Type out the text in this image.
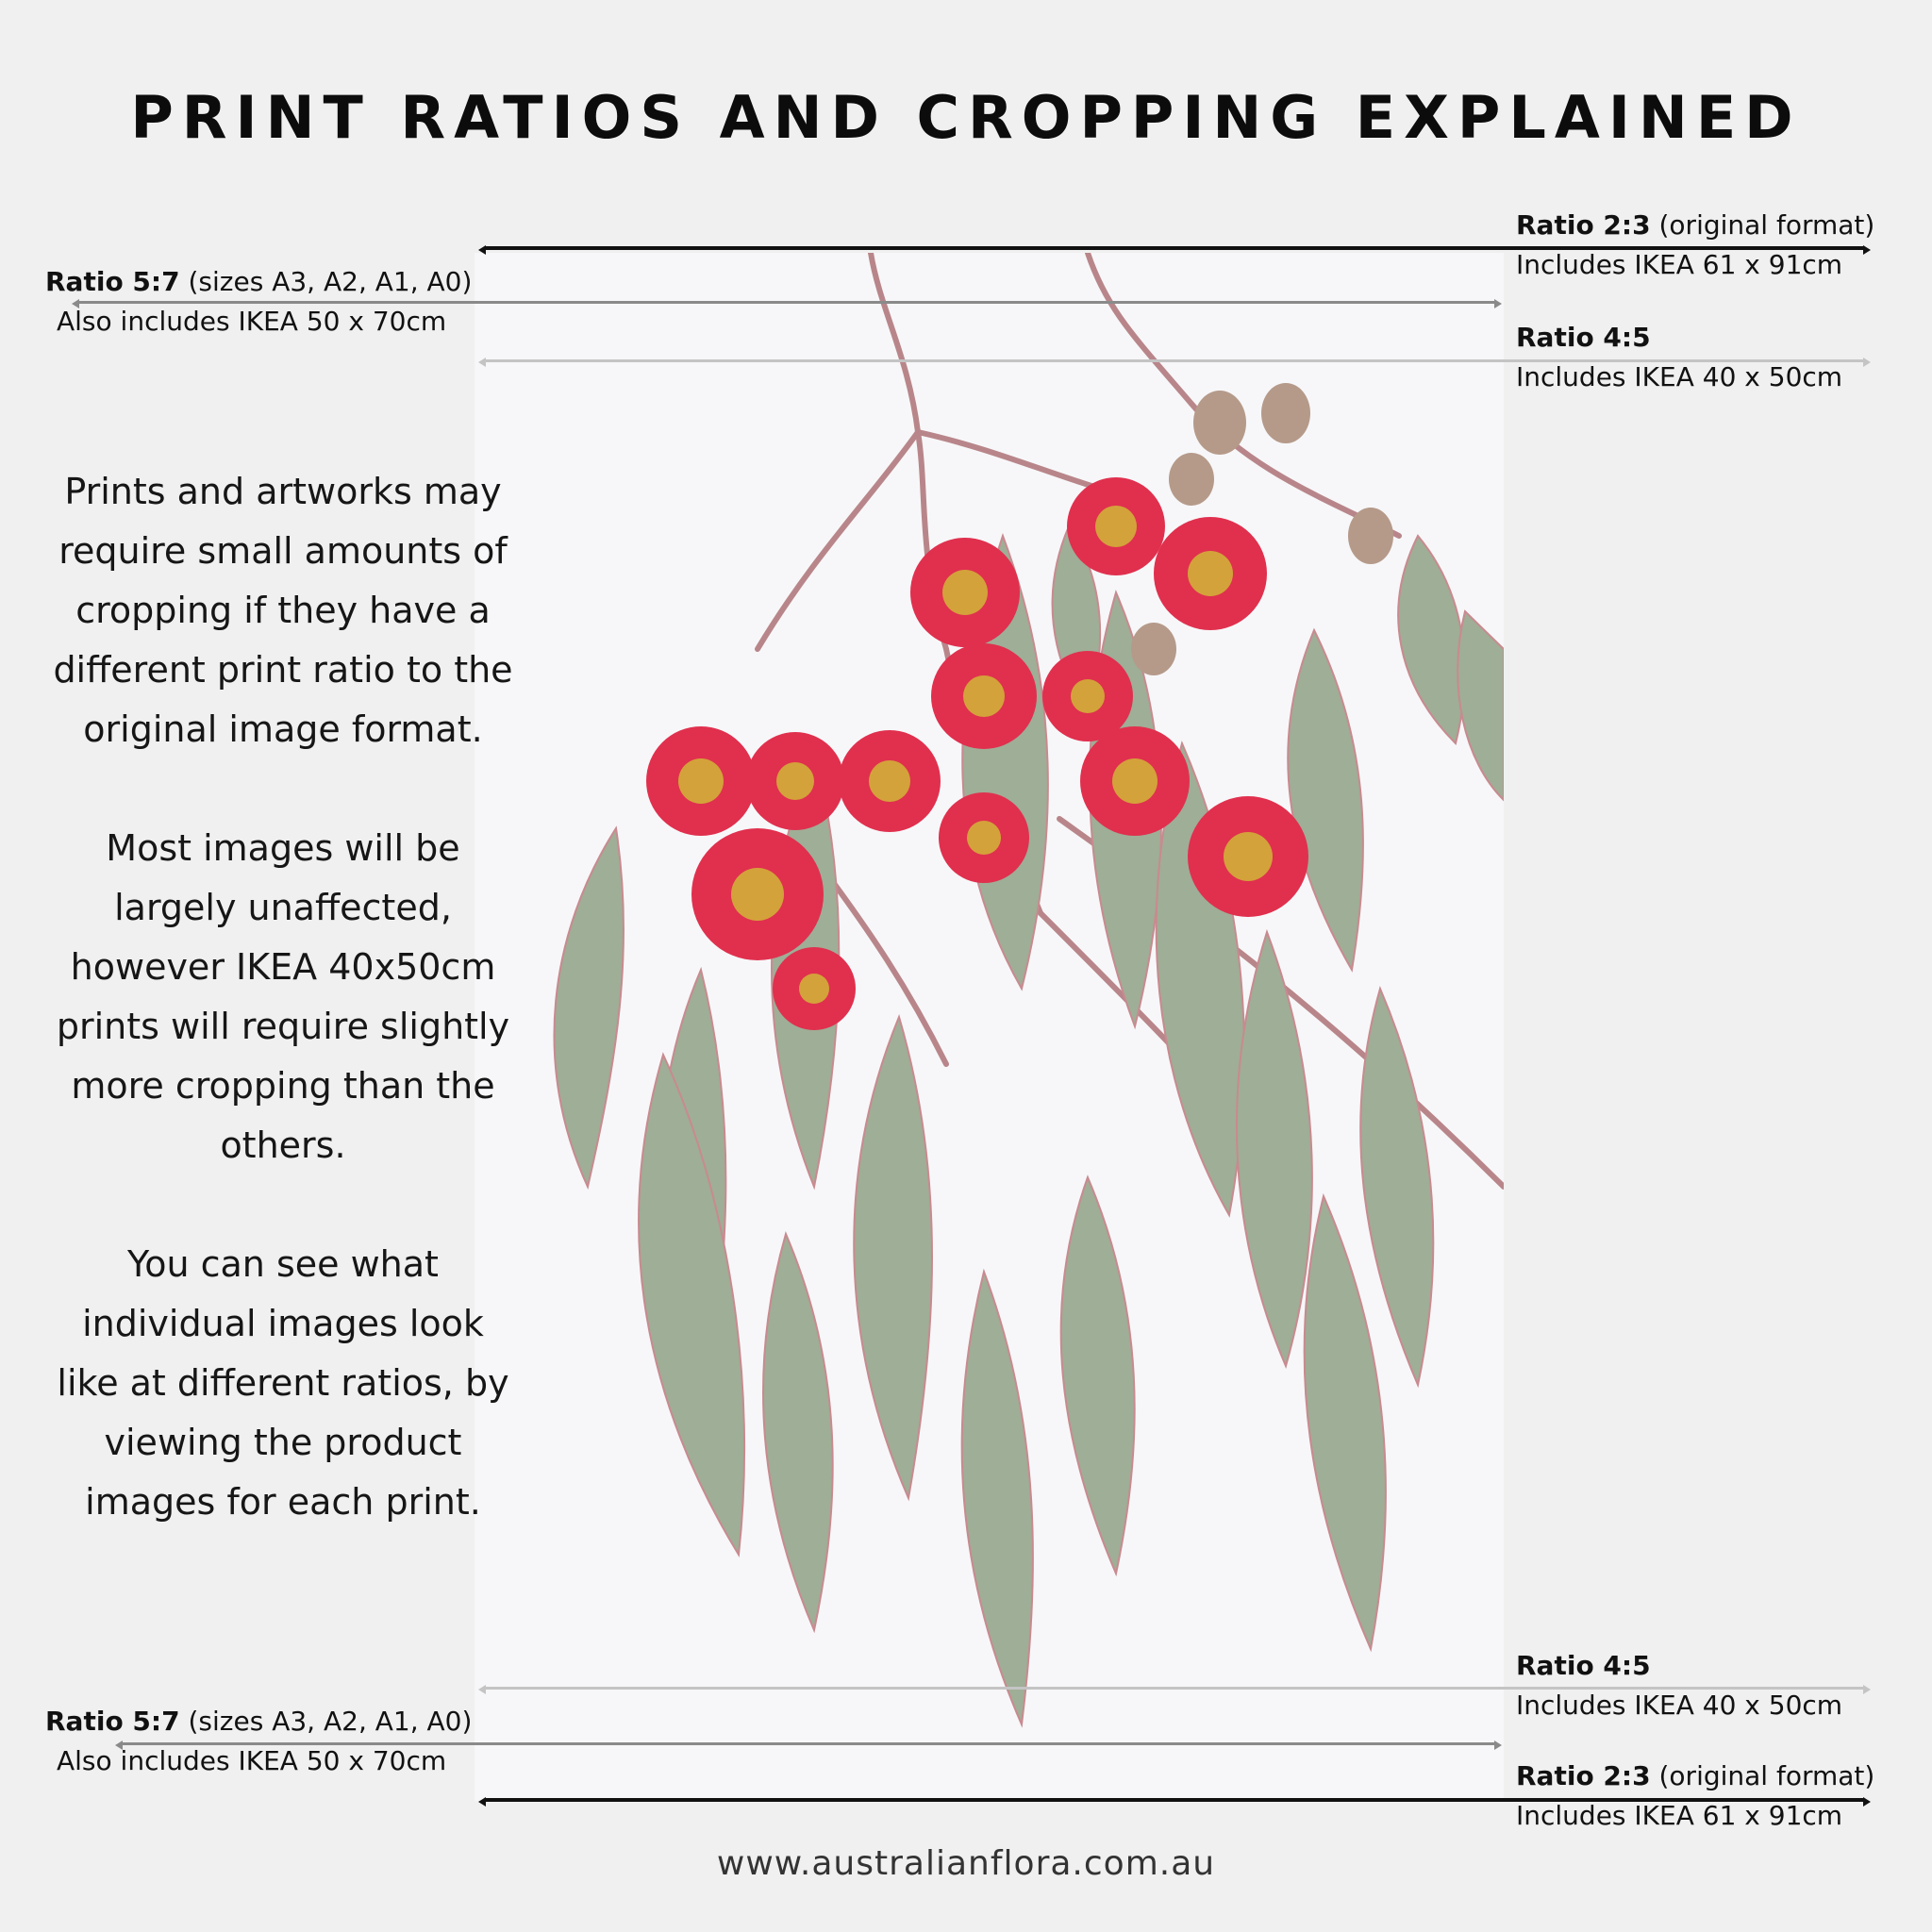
PRINT RATIOS AND CROPPING EXPLAINED
Ratio 2:3 (original format)
Includes IKEA 61 x 91cm
Ratio 4:5
Includes IKEA 40 x 50cm
Ratio 4:5
Includes IKEA 40 x 50cm
Ratio 2:3 (original format)
Includes IKEA 61 x 91cm
Ratio 5:7 (sizes A3, A2, A1, A0)
Also includes IKEA 50 x 70cm
Ratio 5:7 (sizes A3, A2, A1, A0)
Also includes IKEA 50 x 70cm

Prints and artworks may require small amounts of cropping if they have a different print ratio to the original image format.

Most images will be largely unaffected, however IKEA 40x50cm prints will require slightly more cropping than the others.

You can see what individual images look like at different ratios, by viewing the product images for each print.

www.australianflora.com.au
